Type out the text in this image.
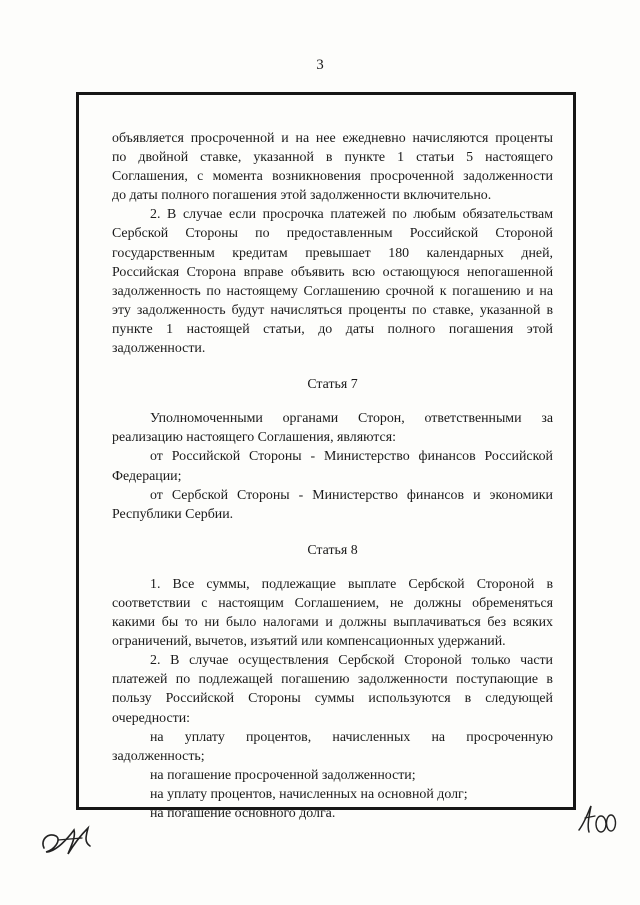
3

объявляется просроченной и на нее ежедневно начисляются проценты

по двойной ставке, указанной в пункте 1 статьи 5 настоящего

Соглашения, с момента возникновения просроченной задолженности

до даты полного погашения этой задолженности включительно.

2. В случае если просрочка платежей по любым обязательствам

Сербской Стороны по предоставленным Российской Стороной

государственным кредитам превышает 180 календарных дней,

Российская Сторона вправе объявить всю остающуюся непогашенной

задолженность по настоящему Соглашению срочной к погашению и на

эту задолженность будут начисляться проценты по ставке, указанной в

пункте 1 настоящей статьи, до даты полного погашения этой

задолженности.

Статья 7

Уполномоченными органами Сторон, ответственными за

реализацию настоящего Соглашения, являются:

от Российской Стороны - Министерство финансов Российской

Федерации;

от Сербской Стороны - Министерство финансов и экономики

Республики Сербии.

Статья 8

1. Все суммы, подлежащие выплате Сербской Стороной в

соответствии с настоящим Соглашением, не должны обременяться

какими бы то ни было налогами и должны выплачиваться без всяких

ограничений, вычетов, изъятий или компенсационных удержаний.

2. В случае осуществления Сербской Стороной только части

платежей по подлежащей погашению задолженности поступающие в

пользу Российской Стороны суммы используются в следующей

очередности:

на уплату процентов, начисленных на просроченную

задолженность;

на погашение просроченной задолженности;

на уплату процентов, начисленных на основной долг;

на погашение основного долга.
